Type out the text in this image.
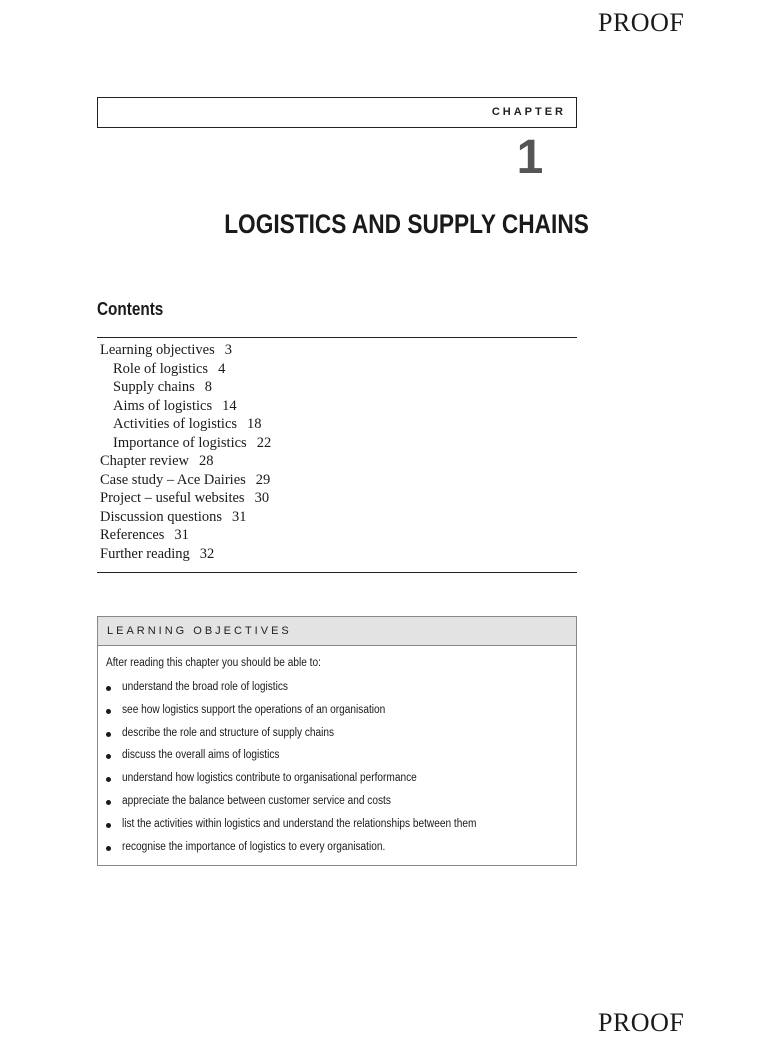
PROOF
CHAPTER
1
LOGISTICS AND SUPPLY CHAINS
Contents
Learning objectives 3
Role of logistics 4
Supply chains 8
Aims of logistics 14
Activities of logistics 18
Importance of logistics 22
Chapter review 28
Case study – Ace Dairies 29
Project – useful websites 30
Discussion questions 31
References 31
Further reading 32
LEARNING OBJECTIVES
After reading this chapter you should be able to:
understand the broad role of logistics
see how logistics support the operations of an organisation
describe the role and structure of supply chains
discuss the overall aims of logistics
understand how logistics contribute to organisational performance
appreciate the balance between customer service and costs
list the activities within logistics and understand the relationships between them
recognise the importance of logistics to every organisation.
PROOF
